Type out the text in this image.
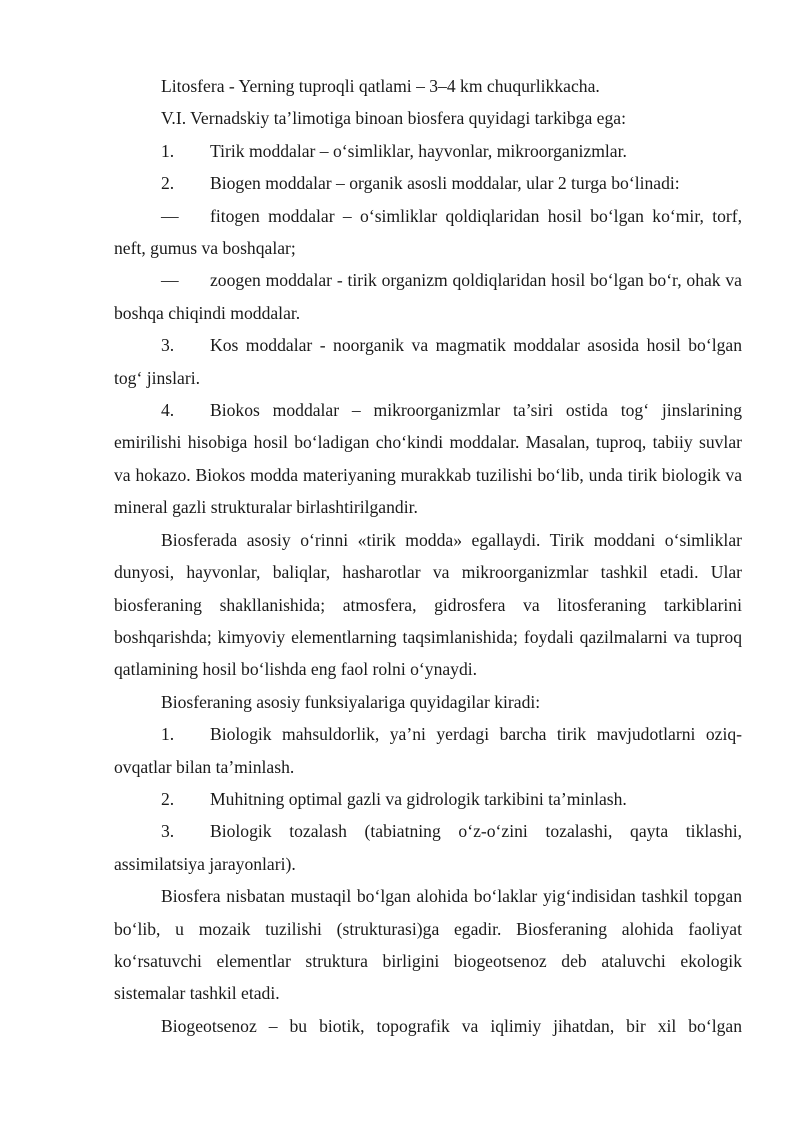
Litosfera - Yerning tuproqli qatlami – 3–4 km chuqurlikkacha.

V.I. Vernadskiy ta’limotiga binoan biosfera quyidagi tarkibga ega:

1. Tirik moddalar – o‘simliklar, hayvonlar, mikroorganizmlar.

2. Biogen moddalar – organik asosli moddalar, ular 2 turga bo‘linadi:

— fitogen moddalar – o‘simliklar qoldiqlaridan hosil bo‘lgan ko‘mir, torf, neft, gumus va boshqalar;

— zoogen moddalar - tirik organizm qoldiqlaridan hosil bo‘lgan bo‘r, ohak va boshqa chiqindi moddalar.

3. Kos moddalar - noorganik va magmatik moddalar asosida hosil bo‘lgan tog‘ jinslari.

4. Biokos moddalar – mikroorganizmlar ta’siri ostida tog‘ jinslarining emirilishi hisobiga hosil bo‘ladigan cho‘kindi moddalar. Masalan, tuproq, tabiiy suvlar va hokazo. Biokos modda materiyaning murakkab tuzilishi bo‘lib, unda tirik biologik va mineral gazli strukturalar birlashtirilgandir.

Biosferada asosiy o‘rinni «tirik modda» egallaydi. Tirik moddani o‘simliklar dunyosi, hayvonlar, baliqlar, hasharotlar va mikroorganizmlar tashkil etadi. Ular biosferaning shakllanishida; atmosfera, gidrosfera va litosferaning tarkiblarini boshqarishda; kimyoviy elementlarning taqsimlanishida; foydali qazilmalarni va tuproq qatlamining hosil bo‘lishda eng faol rolni o‘ynaydi.

Biosferaning asosiy funksiyalariga quyidagilar kiradi:

1. Biologik mahsuldorlik, ya’ni yerdagi barcha tirik mavjudotlarni oziq-ovqatlar bilan ta’minlash.

2. Muhitning optimal gazli va gidrologik tarkibini ta’minlash.

3. Biologik tozalash (tabiatning o‘z-o‘zini tozalashi, qayta tiklashi, assimilatsiya jarayonlari).

Biosfera nisbatan mustaqil bo‘lgan alohida bo‘laklar yig‘indisidan tashkil topgan bo‘lib, u mozaik tuzilishi (strukturasi)ga egadir. Biosferaning alohida faoliyat ko‘rsatuvchi elementlar struktura birligini biogeotsenoz deb ataluvchi ekologik sistemalar tashkil etadi.

Biogeotsenoz – bu biotik, topografik va iqlimiy jihatdan, bir xil bo‘lgan
